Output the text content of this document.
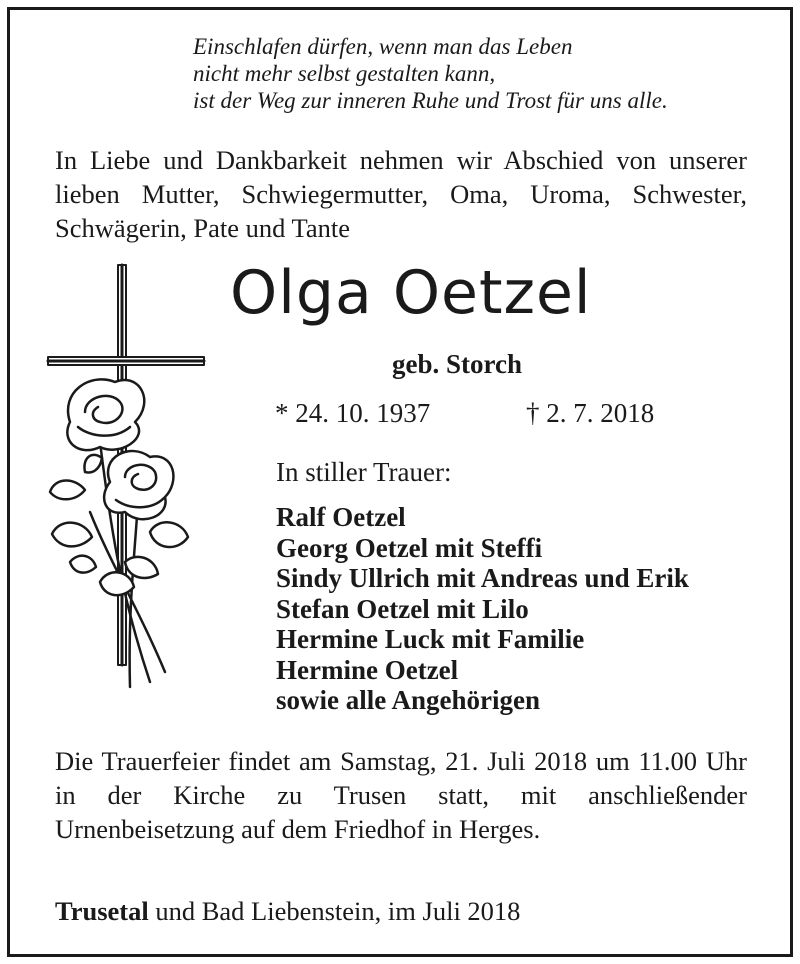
Einschlafen dürfen, wenn man das Leben
nicht mehr selbst gestalten kann,
ist der Weg zur inneren Ruhe und Trost für uns alle.
In Liebe und Dankbarkeit nehmen wir Abschied von unserer lieben Mutter, Schwiegermutter, Oma, Uroma, Schwester, Schwägerin, Pate und Tante
Olga Oetzel
geb. Storch
* 24. 10. 1937	† 2. 7. 2018
In stiller Trauer:
Ralf Oetzel
Georg Oetzel mit Steffi
Sindy Ullrich mit Andreas und Erik
Stefan Oetzel mit Lilo
Hermine Luck mit Familie
Hermine Oetzel
sowie alle Angehörigen
Die Trauerfeier findet am Samstag, 21. Juli 2018 um 11.00 Uhr in der Kirche zu Trusen statt, mit anschließender Urnenbeisetzung auf dem Friedhof in Herges.
Trusetal und Bad Liebenstein, im Juli 2018
